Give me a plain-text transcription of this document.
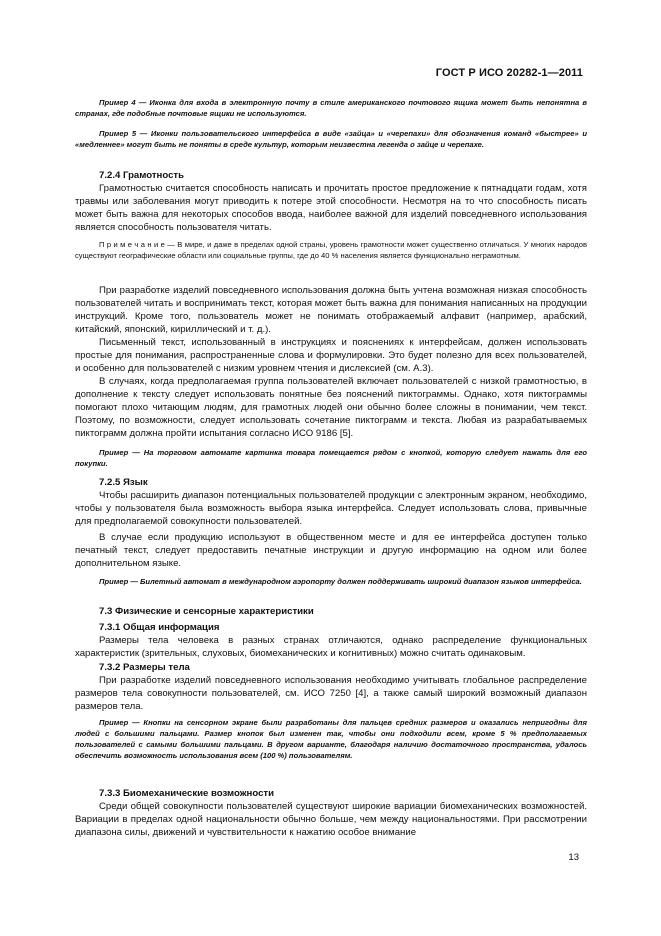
ГОСТ Р ИСО 20282-1—2011

Пример 4 — Иконка для входа в электронную почту в стиле американского почтового ящика может быть непонятна в странах, где подобные почтовые ящики не используются.

Пример 5 — Иконки пользовательского интерфейса в виде «зайца» и «черепахи» для обозначения команд «быстрее» и «медленнее» могут быть не поняты в среде культур, которым неизвестна легенда о зайце и черепахе.

7.2.4 Грамотность

Грамотностью считается способность написать и прочитать простое предложение к пятнадцати годам, хотя травмы или заболевания могут приводить к потере этой способности. Несмотря на то что способность писать может быть важна для некоторых способов ввода, наиболее важной для изделий повседневного использования является способность пользователя читать.

П р и м е ч а н и е — В мире, и даже в пределах одной страны, уровень грамотности может существенно отличаться. У многих народов существуют географические области или социальные группы, где до 40 % населения является функционально неграмотным.

При разработке изделий повседневного использования должна быть учтена возможная низкая способность пользователей читать и воспринимать текст, которая может быть важна для понимания написанных на продукции инструкций. Кроме того, пользователь может не понимать отображаемый алфавит (например, арабский, китайский, японский, кириллический и т. д.).

Письменный текст, использованный в инструкциях и пояснениях к интерфейсам, должен использовать простые для понимания, распространенные слова и формулировки. Это будет полезно для всех пользователей, и особенно для пользователей с низким уровнем чтения и дислексией (см. А.3).

В случаях, когда предполагаемая группа пользователей включает пользователей с низкой грамотностью, в дополнение к тексту следует использовать понятные без пояснений пиктограммы. Однако, хотя пиктограммы помогают плохо читающим людям, для грамотных людей они обычно более сложны в понимании, чем текст. Поэтому, по возможности, следует использовать сочетание пиктограмм и текста. Любая из разрабатываемых пиктограмм должна пройти испытания согласно ИСО 9186 [5].

Пример — На торговом автомате картинка товара помещается рядом с кнопкой, которую следует нажать для его покупки.

7.2.5 Язык

Чтобы расширить диапазон потенциальных пользователей продукции с электронным экраном, необходимо, чтобы у пользователя была возможность выбора языка интерфейса. Следует использовать слова, привычные для предполагаемой совокупности пользователей.

В случае если продукцию используют в общественном месте и для ее интерфейса доступен только печатный текст, следует предоставить печатные инструкции и другую информацию на одном или более дополнительном языке.

Пример — Билетный автомат в международном аэропорту должен поддерживать широкий диапазон языков интерфейса.

7.3 Физические и сенсорные характеристики
7.3.1 Общая информация

Размеры тела человека в разных странах отличаются, однако распределение функциональных характеристик (зрительных, слуховых, биомеханических и когнитивных) можно считать одинаковым.

7.3.2 Размеры тела

При разработке изделий повседневного использования необходимо учитывать глобальное распределение размеров тела совокупности пользователей, см. ИСО 7250 [4], а также самый широкий возможный диапазон размеров тела.

Пример — Кнопки на сенсорном экране были разработаны для пальцев средних размеров и оказались непригодны для людей с большими пальцами. Размер кнопок был изменен так, чтобы они подходили всем, кроме 5 % предполагаемых пользователей с самыми большими пальцами. В другом варианте, благодаря наличию достаточного пространства, удалось обеспечить возможность использования всем (100 %) пользователям.

7.3.3 Биомеханические возможности

Среди общей совокупности пользователей существуют широкие вариации биомеханических возможностей. Вариации в пределах одной национальности обычно больше, чем между национальностями. При рассмотрении диапазона силы, движений и чувствительности к нажатию особое внимание

13
